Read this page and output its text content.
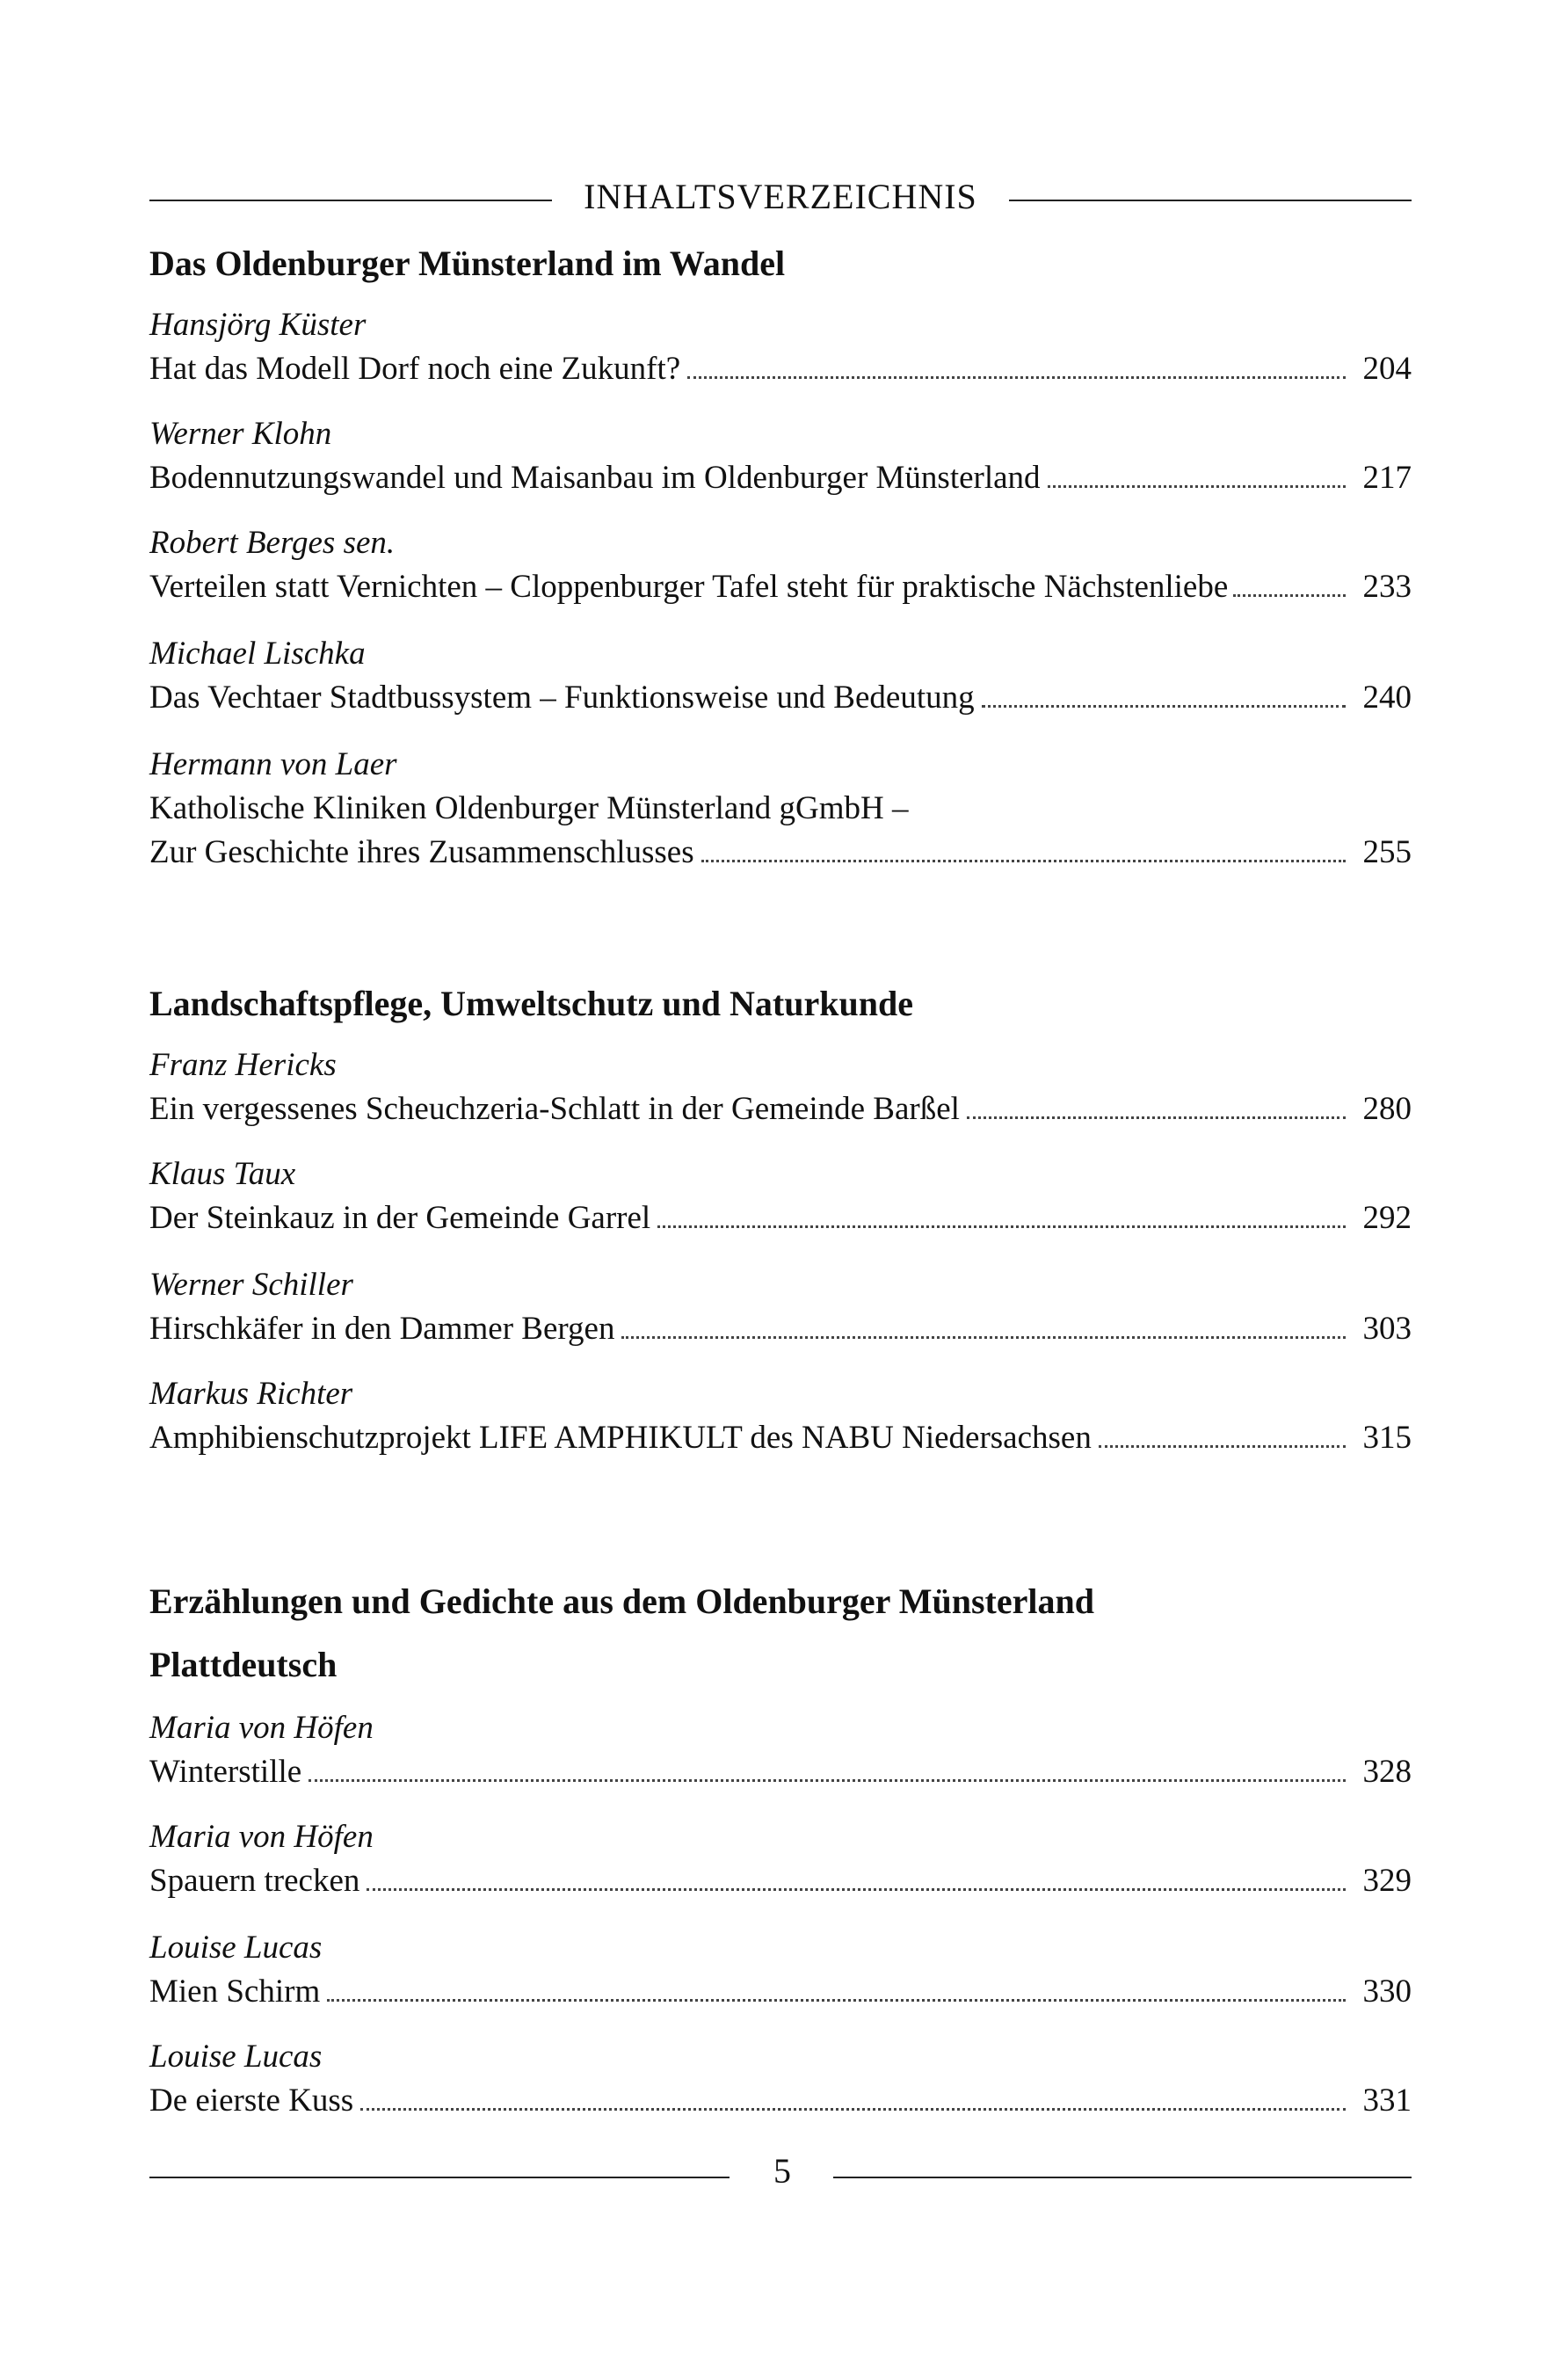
INHALTSVERZEICHNIS
Das Oldenburger Münsterland im Wandel
Hansjörg Küster
Hat das Modell Dorf noch eine Zukunft?	204
Werner Klohn
Bodennutzungswandel und Maisanbau im Oldenburger Münsterland	217
Robert Berges sen.
Verteilen statt Vernichten – Cloppenburger Tafel steht für praktische Nächstenliebe	233
Michael Lischka
Das Vechtaer Stadtbussystem – Funktionsweise und Bedeutung	240
Hermann von Laer
Katholische Kliniken Oldenburger Münsterland gGmbH –
Zur Geschichte ihres Zusammenschlusses	255
Landschaftspflege, Umweltschutz und Naturkunde
Franz Hericks
Ein vergessenes Scheuchzeria-Schlatt in der Gemeinde Barßel	280
Klaus Taux
Der Steinkauz in der Gemeinde Garrel	292
Werner Schiller
Hirschkäfer in den Dammer Bergen	303
Markus Richter
Amphibienschutzprojekt LIFE AMPHIKULT des NABU Niedersachsen	315
Erzählungen und Gedichte aus dem Oldenburger Münsterland
Plattdeutsch
Maria von Höfen
Winterstille	328
Maria von Höfen
Spauern trecken	329
Louise Lucas
Mien Schirm	330
Louise Lucas
De eierste Kuss	331
5
